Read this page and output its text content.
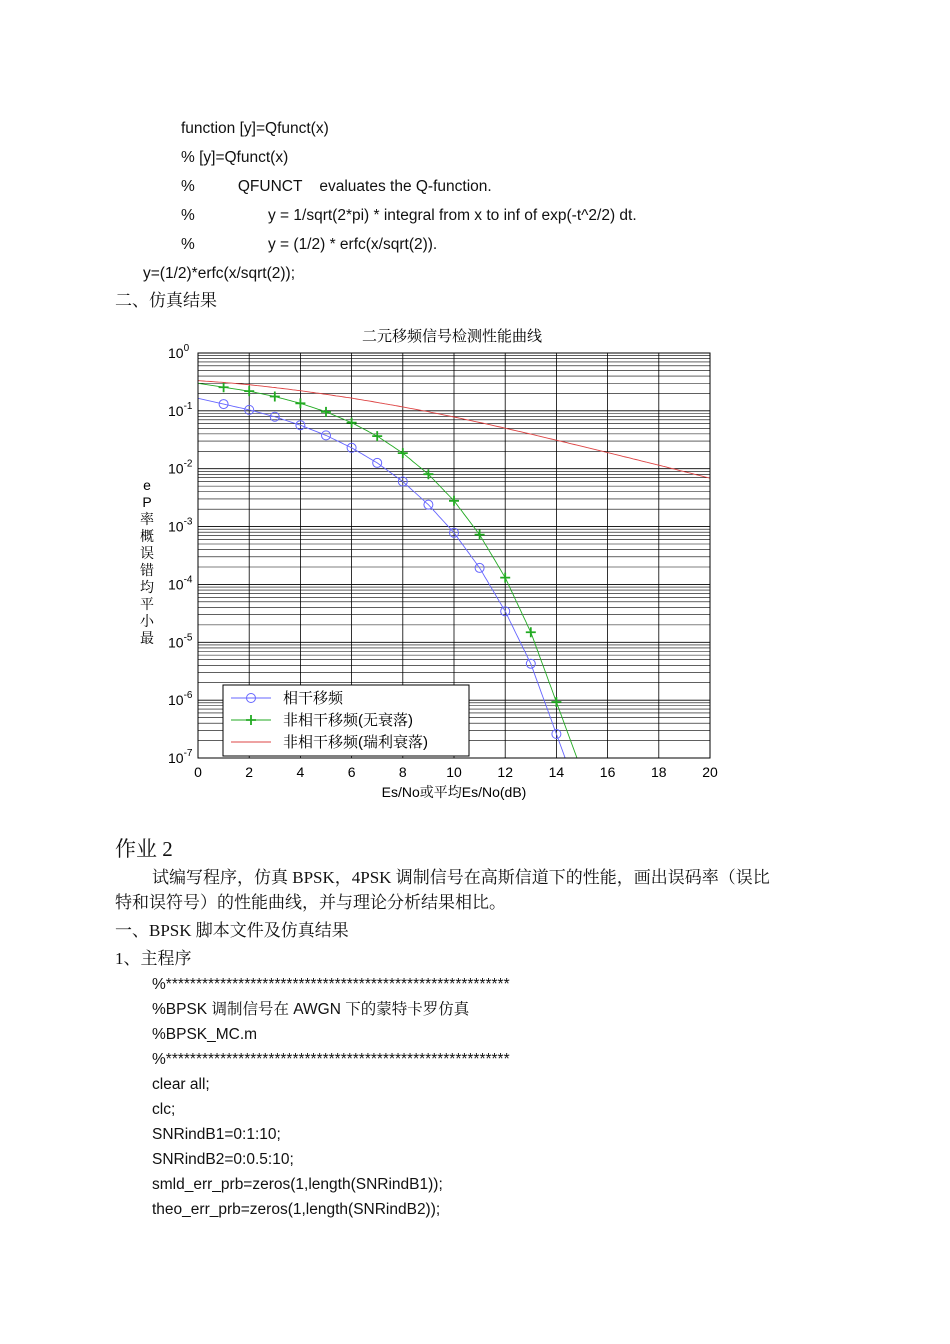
function [y]=Qfunct(x)
% [y]=Qfunct(x)
%          QFUNCT    evaluates the Q-function.
%                 y = 1/sqrt(2*pi) * integral from x to inf of exp(-t^2/2) dt.
%                 y = (1/2) * erfc(x/sqrt(2)).
y=(1/2)*erfc(x/sqrt(2));
二、仿真结果
二元移频信号检测性能曲线
0	2	4	6	8	10	12	14	16	18	20
$10^0$
$10^{-1}$
$10^{-2}$
$10^{-3}$
$10^{-4}$
$10^{-5}$
$10^{-6}$
$10^{-7}$
最
小
平
均
错
误
概
率
P
e
Es/No或平均Es/No(dB)
相干移频
非相干移频(无衰落)
非相干移频(瑞利衰落)
作业 2
试编写程序，仿真 BPSK，4PSK 调制信号在高斯信道下的性能，画出误码率（误比
特和误符号）的性能曲线，并与理论分析结果相比。
一、BPSK 脚本文件及仿真结果
1、主程序
%*********************************************************
%BPSK 调制信号在 AWGN 下的蒙特卡罗仿真
%BPSK_MC.m
%*********************************************************
clear all;
clc;
SNRindB1=0:1:10;
SNRindB2=0:0.5:10;
smld_err_prb=zeros(1,length(SNRindB1));
theo_err_prb=zeros(1,length(SNRindB2));
